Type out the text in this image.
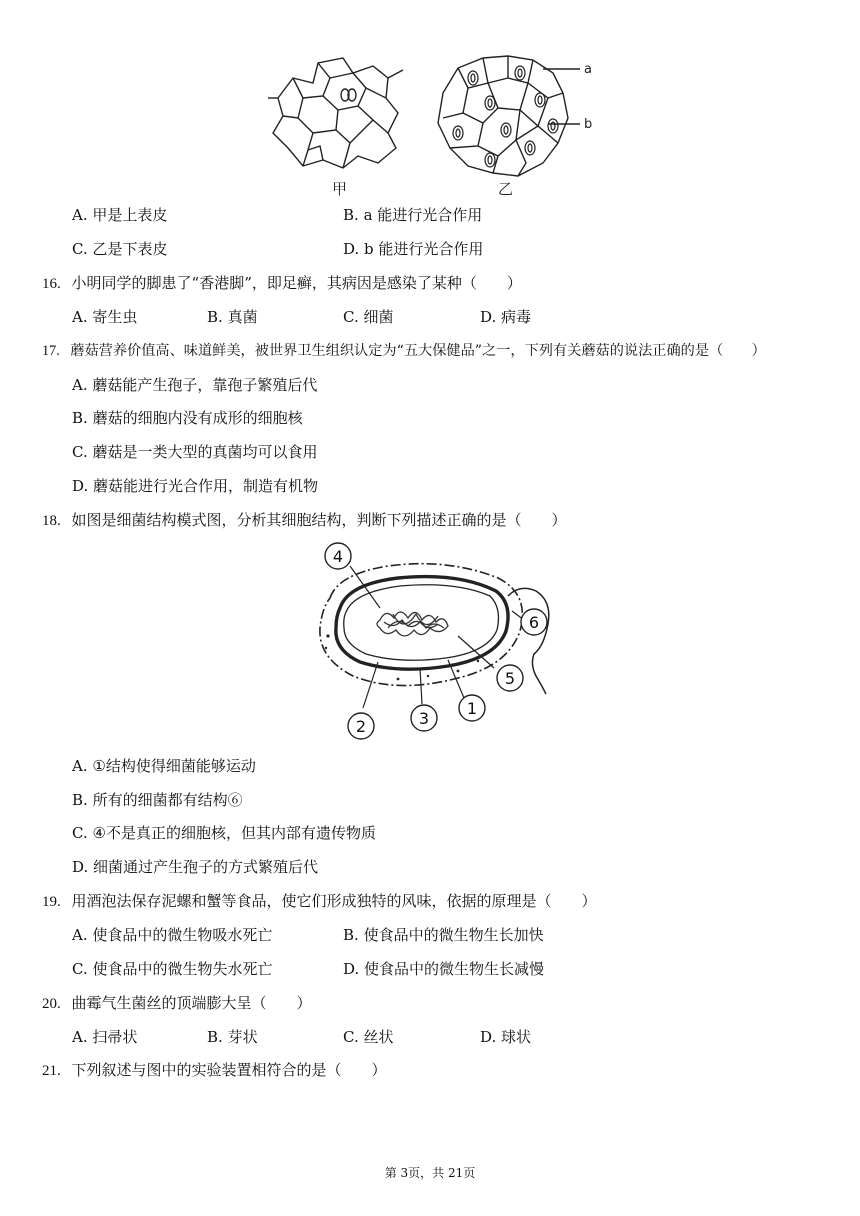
a
b
甲	乙
A. 甲是上表皮	B. a 能进行光合作用
C. 乙是下表皮	D. b 能进行光合作用
16. 小明同学的脚患了“香港脚”，即足癣，其病因是感染了某种（　　）
A. 寄生虫	B. 真菌	C. 细菌	D. 病毒
17. 蘑菇营养价值高、味道鲜美，被世界卫生组织认定为“五大保健品”之一，下列有关蘑菇的说法正确的是（　　）
A. 蘑菇能产生孢子，靠孢子繁殖后代
B. 蘑菇的细胞内没有成形的细胞核
C. 蘑菇是一类大型的真菌均可以食用
D. 蘑菇能进行光合作用，制造有机物
18. 如图是细菌结构模式图，分析其细胞结构，判断下列描述正确的是（　　）
4
6
5
1
3
2
A. ①结构使得细菌能够运动
B. 所有的细菌都有结构⑥
C. ④不是真正的细胞核，但其内部有遗传物质
D. 细菌通过产生孢子的方式繁殖后代
19. 用酒泡法保存泥螺和蟹等食品，使它们形成独特的风味，依据的原理是（　　）
A. 使食品中的微生物吸水死亡	B. 使食品中的微生物生长加快
C. 使食品中的微生物失水死亡	D. 使食品中的微生物生长减慢
20. 曲霉气生菌丝的顶端膨大呈（　　）
A. 扫帚状	B. 芽状	C. 丝状	D. 球状
21. 下列叙述与图中的实验装置相符合的是（　　）
第 3页，共 21页
